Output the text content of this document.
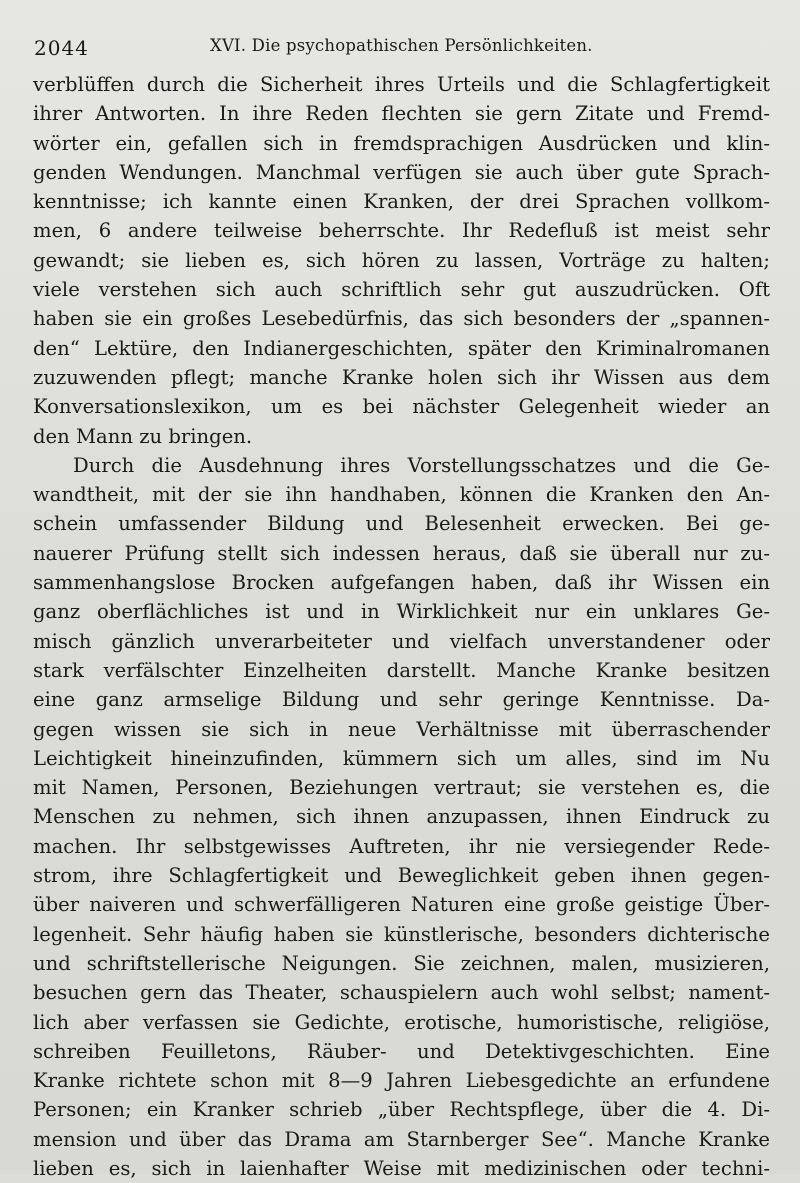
2044	XVI. Die psychopathischen Persönlichkeiten.
verblüffen durch die Sicherheit ihres Urteils und die Schlagfertigkeit
ihrer Antworten. In ihre Reden flechten sie gern Zitate und Fremd-
wörter ein, gefallen sich in fremdsprachigen Ausdrücken und klin-
genden Wendungen. Manchmal verfügen sie auch über gute Sprach-
kenntnisse; ich kannte einen Kranken, der drei Sprachen vollkom-
men, 6 andere teilweise beherrschte. Ihr Redefluß ist meist sehr
gewandt; sie lieben es, sich hören zu lassen, Vorträge zu halten;
viele verstehen sich auch schriftlich sehr gut auszudrücken. Oft
haben sie ein großes Lesebedürfnis, das sich besonders der „spannen-
den“ Lektüre, den Indianergeschichten, später den Kriminalromanen
zuzuwenden pflegt; manche Kranke holen sich ihr Wissen aus dem
Konversationslexikon, um es bei nächster Gelegenheit wieder an
den Mann zu bringen.
Durch die Ausdehnung ihres Vorstellungsschatzes und die Ge-
wandtheit, mit der sie ihn handhaben, können die Kranken den An-
schein umfassender Bildung und Belesenheit erwecken. Bei ge-
nauerer Prüfung stellt sich indessen heraus, daß sie überall nur zu-
sammenhangslose Brocken aufgefangen haben, daß ihr Wissen ein
ganz oberflächliches ist und in Wirklichkeit nur ein unklares Ge-
misch gänzlich unverarbeiteter und vielfach unverstandener oder
stark verfälschter Einzelheiten darstellt. Manche Kranke besitzen
eine ganz armselige Bildung und sehr geringe Kenntnisse. Da-
gegen wissen sie sich in neue Verhältnisse mit überraschender
Leichtigkeit hineinzufinden, kümmern sich um alles, sind im Nu
mit Namen, Personen, Beziehungen vertraut; sie verstehen es, die
Menschen zu nehmen, sich ihnen anzupassen, ihnen Eindruck zu
machen. Ihr selbstgewisses Auftreten, ihr nie versiegender Rede-
strom, ihre Schlagfertigkeit und Beweglichkeit geben ihnen gegen-
über naiveren und schwerfälligeren Naturen eine große geistige Über-
legenheit. Sehr häufig haben sie künstlerische, besonders dichterische
und schriftstellerische Neigungen. Sie zeichnen, malen, musizieren,
besuchen gern das Theater, schauspielern auch wohl selbst; nament-
lich aber verfassen sie Gedichte, erotische, humoristische, religiöse,
schreiben Feuilletons, Räuber- und Detektivgeschichten. Eine
Kranke richtete schon mit 8—9 Jahren Liebesgedichte an erfundene
Personen; ein Kranker schrieb „über Rechtspflege, über die 4. Di-
mension und über das Drama am Starnberger See“. Manche Kranke
lieben es, sich in laienhafter Weise mit medizinischen oder techni-
